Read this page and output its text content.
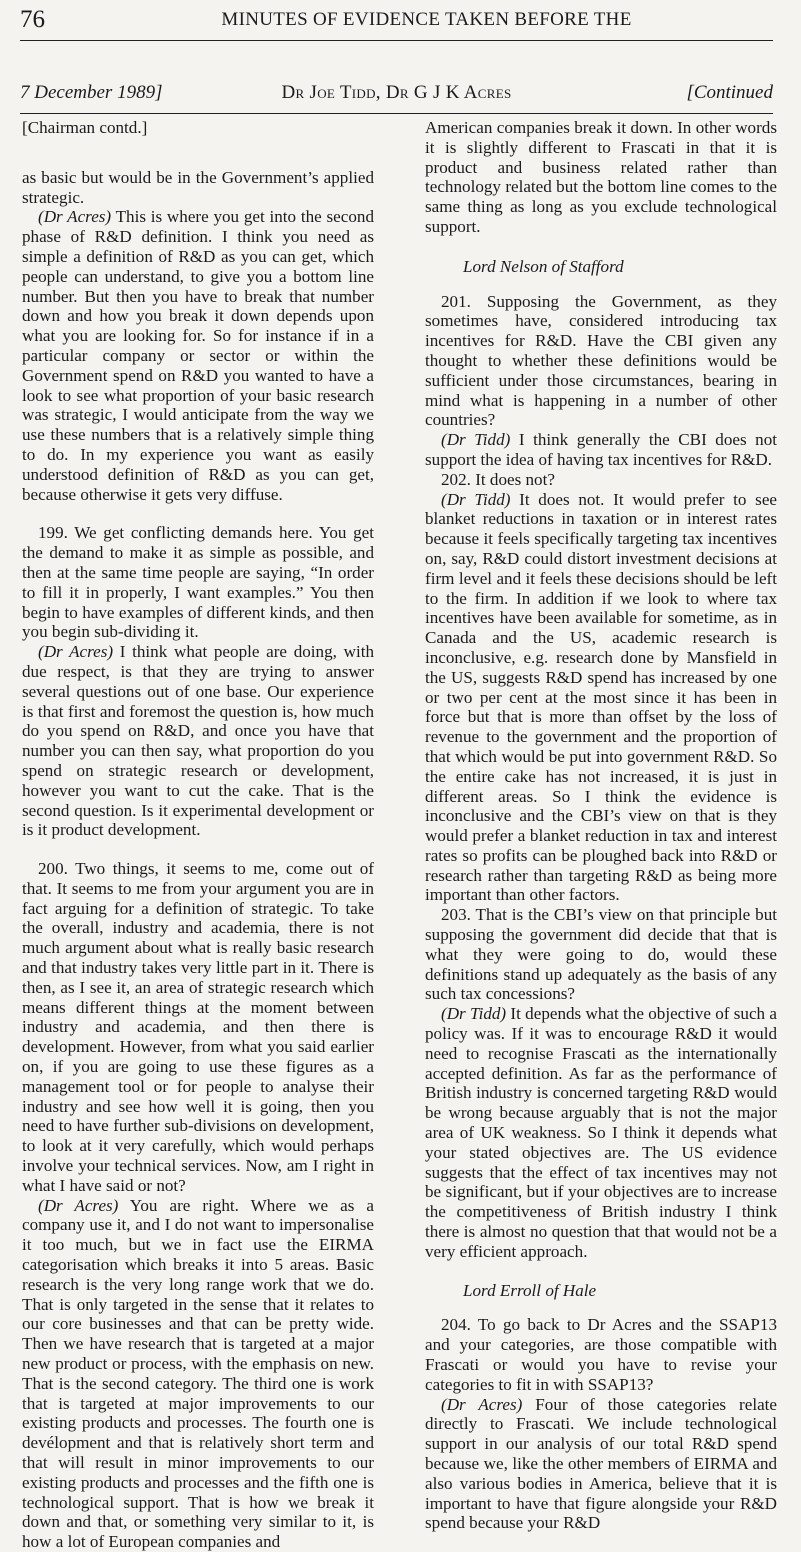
76	MINUTES OF EVIDENCE TAKEN BEFORE THE
7 December 1989]	Dr Joe Tidd, Dr G J K Acres	[Continued

[Chairman contd.]

as basic but would be in the Government’s applied strategic.

(Dr Acres) This is where you get into the second phase of R&D definition. I think you need as simple a definition of R&D as you can get, which people can understand, to give you a bottom line number. But then you have to break that number down and how you break it down depends upon what you are looking for. So for instance if in a particular company or sector or within the Government spend on R&D you wanted to have a look to see what proportion of your basic research was strategic, I would anticipate from the way we use these numbers that is a relatively simple thing to do. In my experience you want as easily understood definition of R&D as you can get, because otherwise it gets very diffuse.

199. We get conflicting demands here. You get the demand to make it as simple as possible, and then at the same time people are saying, “In order to fill it in properly, I want examples.” You then begin to have examples of different kinds, and then you begin sub-dividing it.

(Dr Acres) I think what people are doing, with due respect, is that they are trying to answer several questions out of one base. Our experience is that first and foremost the question is, how much do you spend on R&D, and once you have that number you can then say, what proportion do you spend on strategic research or development, however you want to cut the cake. That is the second question. Is it experimental development or is it product development.

200. Two things, it seems to me, come out of that. It seems to me from your argument you are in fact arguing for a definition of strategic. To take the overall, industry and academia, there is not much argument about what is really basic research and that industry takes very little part in it. There is then, as I see it, an area of strategic research which means different things at the moment between industry and academia, and then there is development. However, from what you said earlier on, if you are going to use these figures as a management tool or for people to analyse their industry and see how well it is going, then you need to have further sub-divisions on development, to look at it very carefully, which would perhaps involve your technical services. Now, am I right in what I have said or not?

(Dr Acres) You are right. Where we as a company use it, and I do not want to impersonalise it too much, but we in fact use the EIRMA categorisation which breaks it into 5 areas. Basic research is the very long range work that we do. That is only targeted in the sense that it relates to our core businesses and that can be pretty wide. Then we have research that is targeted at a major new product or process, with the emphasis on new. That is the second category. The third one is work that is targeted at major improvements to our existing products and processes. The fourth one is devélopment and that is relatively short term and that will result in minor improvements to our existing products and processes and the fifth one is technological support. That is how we break it down and that, or something very similar to it, is how a lot of European companies and

American companies break it down. In other words it is slightly different to Frascati in that it is product and business related rather than technology related but the bottom line comes to the same thing as long as you exclude technological support.

Lord Nelson of Stafford

201. Supposing the Government, as they sometimes have, considered introducing tax incentives for R&D. Have the CBI given any thought to whether these definitions would be sufficient under those circumstances, bearing in mind what is happening in a number of other countries?

(Dr Tidd) I think generally the CBI does not support the idea of having tax incentives for R&D.

202. It does not?

(Dr Tidd) It does not. It would prefer to see blanket reductions in taxation or in interest rates because it feels specifically targeting tax incentives on, say, R&D could distort investment decisions at firm level and it feels these decisions should be left to the firm. In addition if we look to where tax incentives have been available for sometime, as in Canada and the US, academic research is inconclusive, e.g. research done by Mansfield in the US, suggests R&D spend has increased by one or two per cent at the most since it has been in force but that is more than offset by the loss of revenue to the government and the proportion of that which would be put into government R&D. So the entire cake has not increased, it is just in different areas. So I think the evidence is inconclusive and the CBI’s view on that is they would prefer a blanket reduction in tax and interest rates so profits can be ploughed back into R&D or research rather than targeting R&D as being more important than other factors.

203. That is the CBI’s view on that principle but supposing the government did decide that that is what they were going to do, would these definitions stand up adequately as the basis of any such tax concessions?

(Dr Tidd) It depends what the objective of such a policy was. If it was to encourage R&D it would need to recognise Frascati as the internationally accepted definition. As far as the performance of British industry is concerned targeting R&D would be wrong because arguably that is not the major area of UK weakness. So I think it depends what your stated objectives are. The US evidence suggests that the effect of tax incentives may not be significant, but if your objectives are to increase the competitiveness of British industry I think there is almost no question that that would not be a very efficient approach.

Lord Erroll of Hale

204. To go back to Dr Acres and the SSAP13 and your categories, are those compatible with Frascati or would you have to revise your categories to fit in with SSAP13?

(Dr Acres) Four of those categories relate directly to Frascati. We include technological support in our analysis of our total R&D spend because we, like the other members of EIRMA and also various bodies in America, believe that it is important to have that figure alongside your R&D spend because your R&D
